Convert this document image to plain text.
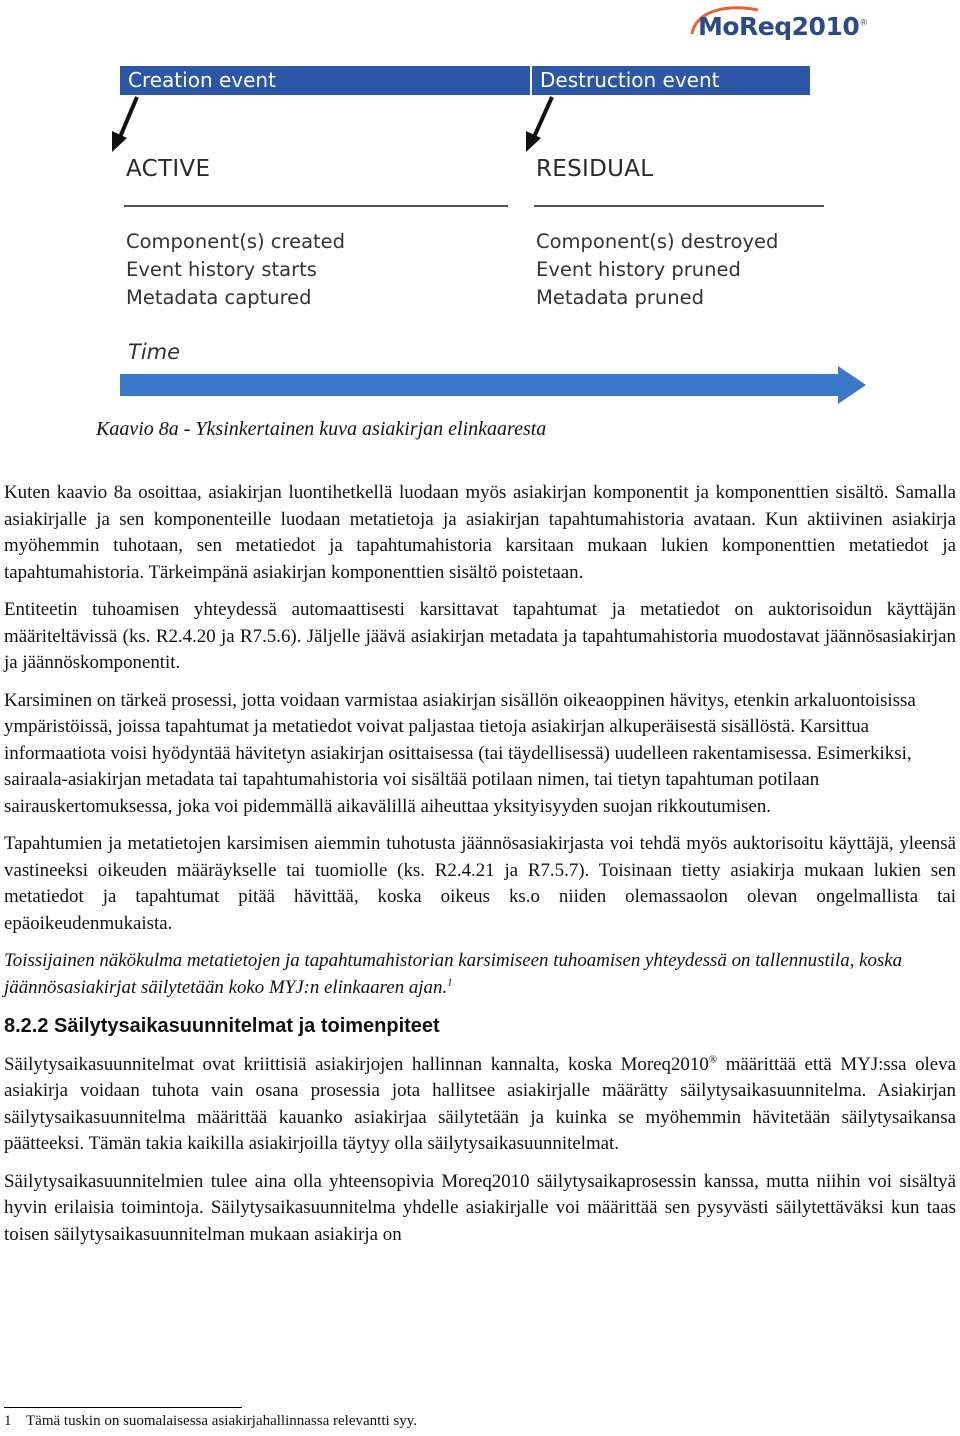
MoReq2010®
Creation event	Destruction event
ACTIVE
Component(s) created
Event history starts
Metadata captured
RESIDUAL
Component(s) destroyed
Event history pruned
Metadata pruned
Time
Kaavio 8a - Yksinkertainen kuva asiakirjan elinkaaresta

Kuten kaavio 8a osoittaa, asiakirjan luontihetkellä luodaan myös asiakirjan komponentit ja komponenttien sisältö. Samalla asiakirjalle ja sen komponenteille luodaan metatietoja ja asiakirjan tapahtumahistoria avataan. Kun aktiivinen asiakirja myöhemmin tuhotaan, sen metatiedot ja tapahtumahistoria karsitaan mukaan lukien komponenttien metatiedot ja tapahtumahistoria. Tärkeimpänä asiakirjan komponenttien sisältö poistetaan.

Entiteetin tuhoamisen yhteydessä automaattisesti karsittavat tapahtumat ja metatiedot on auktorisoidun käyttäjän määriteltävissä (ks. R2.4.20 ja R7.5.6). Jäljelle jäävä asiakirjan metadata ja tapahtumahistoria muodostavat jäännösasiakirjan ja jäännöskomponentit.

Karsiminen on tärkeä prosessi, jotta voidaan varmistaa asiakirjan sisällön oikeaoppinen hävitys, etenkin arkaluontoisissa ympäristöissä, joissa tapahtumat ja metatiedot voivat paljastaa tietoja asiakirjan alkuperäisestä sisällöstä. Karsittua informaatiota voisi hyödyntää hävitetyn asiakirjan osittaisessa (tai täydellisessä) uudelleen rakentamisessa. Esimerkiksi, sairaala-asiakirjan metadata tai tapahtumahistoria voi sisältää potilaan nimen, tai tietyn tapahtuman potilaan sairauskertomuksessa, joka voi pidemmällä aikavälillä aiheuttaa yksityisyyden suojan rikkoutumisen.

Tapahtumien ja metatietojen karsimisen aiemmin tuhotusta jäännösasiakirjasta voi tehdä myös auktorisoitu käyttäjä, yleensä vastineeksi oikeuden määräykselle tai tuomiolle (ks. R2.4.21 ja R7.5.7). Toisinaan tietty asiakirja mukaan lukien sen metatiedot ja tapahtumat pitää hävittää, koska oikeus ks.o niiden olemassaolon olevan ongelmallista tai epäoikeudenmukaista.

Toissijainen näkökulma metatietojen ja tapahtumahistorian karsimiseen tuhoamisen yhteydessä on tallennustila, koska jäännösasiakirjat säilytetään koko MYJ:n elinkaaren ajan.$^1$

8.2.2 Säilytysaikasuunnitelmat ja toimenpiteet

Säilytysaikasuunnitelmat ovat kriittisiä asiakirjojen hallinnan kannalta, koska Moreq2010® määrittää että MYJ:ssa oleva asiakirja voidaan tuhota vain osana prosessia jota hallitsee asiakirjalle määrätty säilytysaikasuunnitelma. Asiakirjan säilytysaikasuunnitelma määrittää kauanko asiakirjaa säilytetään ja kuinka se myöhemmin hävitetään säilytysaikansa päätteeksi. Tämän takia kaikilla asiakirjoilla täytyy olla säilytysaikasuunnitelmat.

Säilytysaikasuunnitelmien tulee aina olla yhteensopivia Moreq2010 säilytysaikaprosessin kanssa, mutta niihin voi sisältyä hyvin erilaisia toimintoja. Säilytysaikasuunnitelma yhdelle asiakirjalle voi määrittää sen pysyvästi säilytettäväksi kun taas toisen säilytysaikasuunnitelman mukaan asiakirja on

1 Tämä tuskin on suomalaisessa asiakirjahallinnassa relevantti syy.
